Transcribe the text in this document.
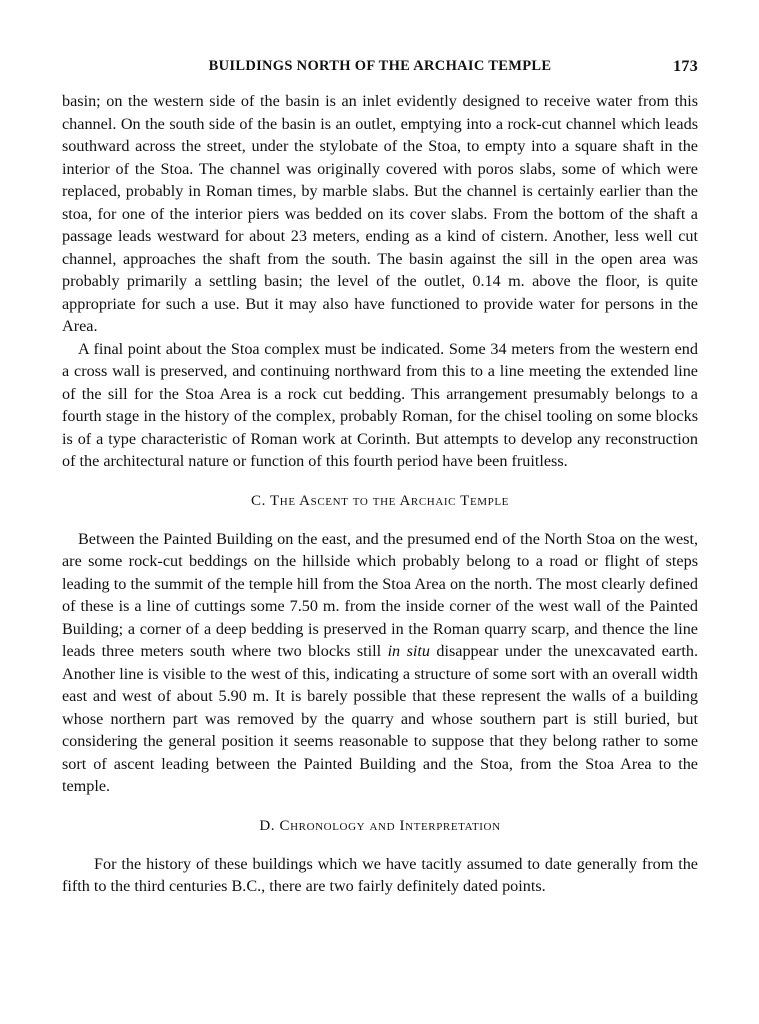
BUILDINGS NORTH OF THE ARCHAIC TEMPLE	173

basin; on the western side of the basin is an inlet evidently designed to receive water from this channel. On the south side of the basin is an outlet, emptying into a rock-cut channel which leads southward across the street, under the stylobate of the Stoa, to empty into a square shaft in the interior of the Stoa. The channel was originally covered with poros slabs, some of which were replaced, probably in Roman times, by marble slabs. But the channel is certainly earlier than the stoa, for one of the interior piers was bedded on its cover slabs. From the bottom of the shaft a passage leads westward for about 23 meters, ending as a kind of cistern. Another, less well cut channel, approaches the shaft from the south. The basin against the sill in the open area was probably primarily a settling basin; the level of the outlet, 0.14 m. above the floor, is quite appropriate for such a use. But it may also have functioned to provide water for persons in the Area.

A final point about the Stoa complex must be indicated. Some 34 meters from the western end a cross wall is preserved, and continuing northward from this to a line meeting the extended line of the sill for the Stoa Area is a rock cut bedding. This arrangement presumably belongs to a fourth stage in the history of the complex, probably Roman, for the chisel tooling on some blocks is of a type characteristic of Roman work at Corinth. But attempts to develop any reconstruction of the architectural nature or function of this fourth period have been fruitless.

C. The Ascent to the Archaic Temple

Between the Painted Building on the east, and the presumed end of the North Stoa on the west, are some rock-cut beddings on the hillside which probably belong to a road or flight of steps leading to the summit of the temple hill from the Stoa Area on the north. The most clearly defined of these is a line of cuttings some 7.50 m. from the inside corner of the west wall of the Painted Building; a corner of a deep bedding is preserved in the Roman quarry scarp, and thence the line leads three meters south where two blocks still in situ disappear under the unexcavated earth. Another line is visible to the west of this, indicating a structure of some sort with an overall width east and west of about 5.90 m. It is barely possible that these represent the walls of a building whose northern part was removed by the quarry and whose southern part is still buried, but considering the general position it seems reasonable to suppose that they belong rather to some sort of ascent leading between the Painted Building and the Stoa, from the Stoa Area to the temple.

D. Chronology and Interpretation

For the history of these buildings which we have tacitly assumed to date generally from the fifth to the third centuries B.C., there are two fairly definitely dated points.
